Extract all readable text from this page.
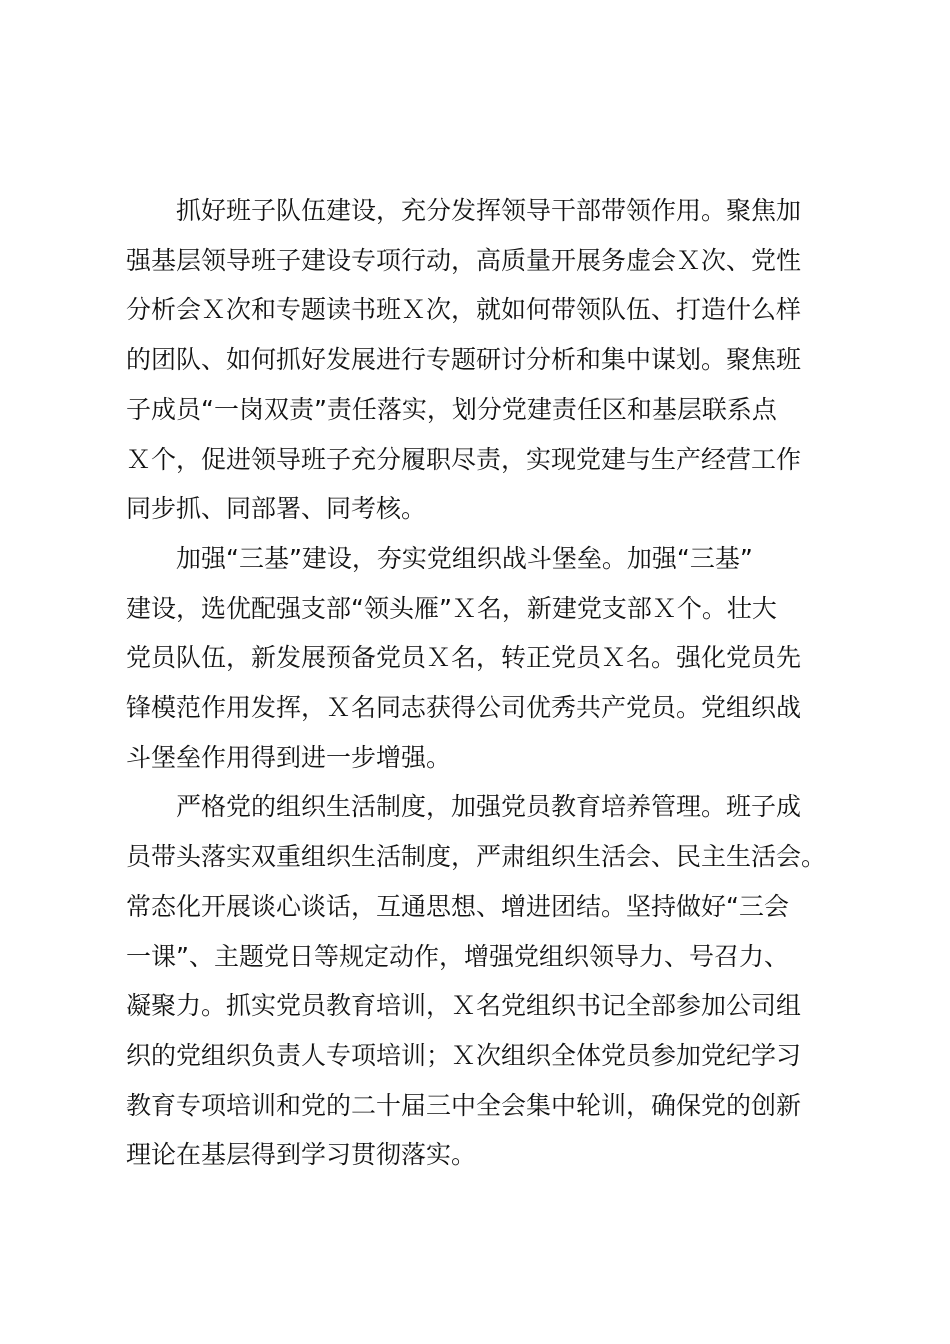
抓好班子队伍建设，充分发挥领导干部带领作用。聚焦加
强基层领导班子建设专项行动，高质量开展务虚会Ｘ次、党性
分析会Ｘ次和专题读书班Ｘ次，就如何带领队伍、打造什么样
的团队、如何抓好发展进行专题研讨分析和集中谋划。聚焦班
子成员“一岗双责”责任落实，划分党建责任区和基层联系点
Ｘ个，促进领导班子充分履职尽责，实现党建与生产经营工作
同步抓、同部署、同考核。

加强“三基”建设，夯实党组织战斗堡垒。加强“三基”
建设，选优配强支部“领头雁”Ｘ名，新建党支部Ｘ个。壮大
党员队伍，新发展预备党员Ｘ名，转正党员Ｘ名。强化党员先
锋模范作用发挥，Ｘ名同志获得公司优秀共产党员。党组织战
斗堡垒作用得到进一步增强。

严格党的组织生活制度，加强党员教育培养管理。班子成
员带头落实双重组织生活制度，严肃组织生活会、民主生活会。
常态化开展谈心谈话，互通思想、增进团结。坚持做好“三会
一课”、主题党日等规定动作，增强党组织领导力、号召力、
凝聚力。抓实党员教育培训，Ｘ名党组织书记全部参加公司组
织的党组织负责人专项培训；Ｘ次组织全体党员参加党纪学习
教育专项培训和党的二十届三中全会集中轮训，确保党的创新
理论在基层得到学习贯彻落实。
